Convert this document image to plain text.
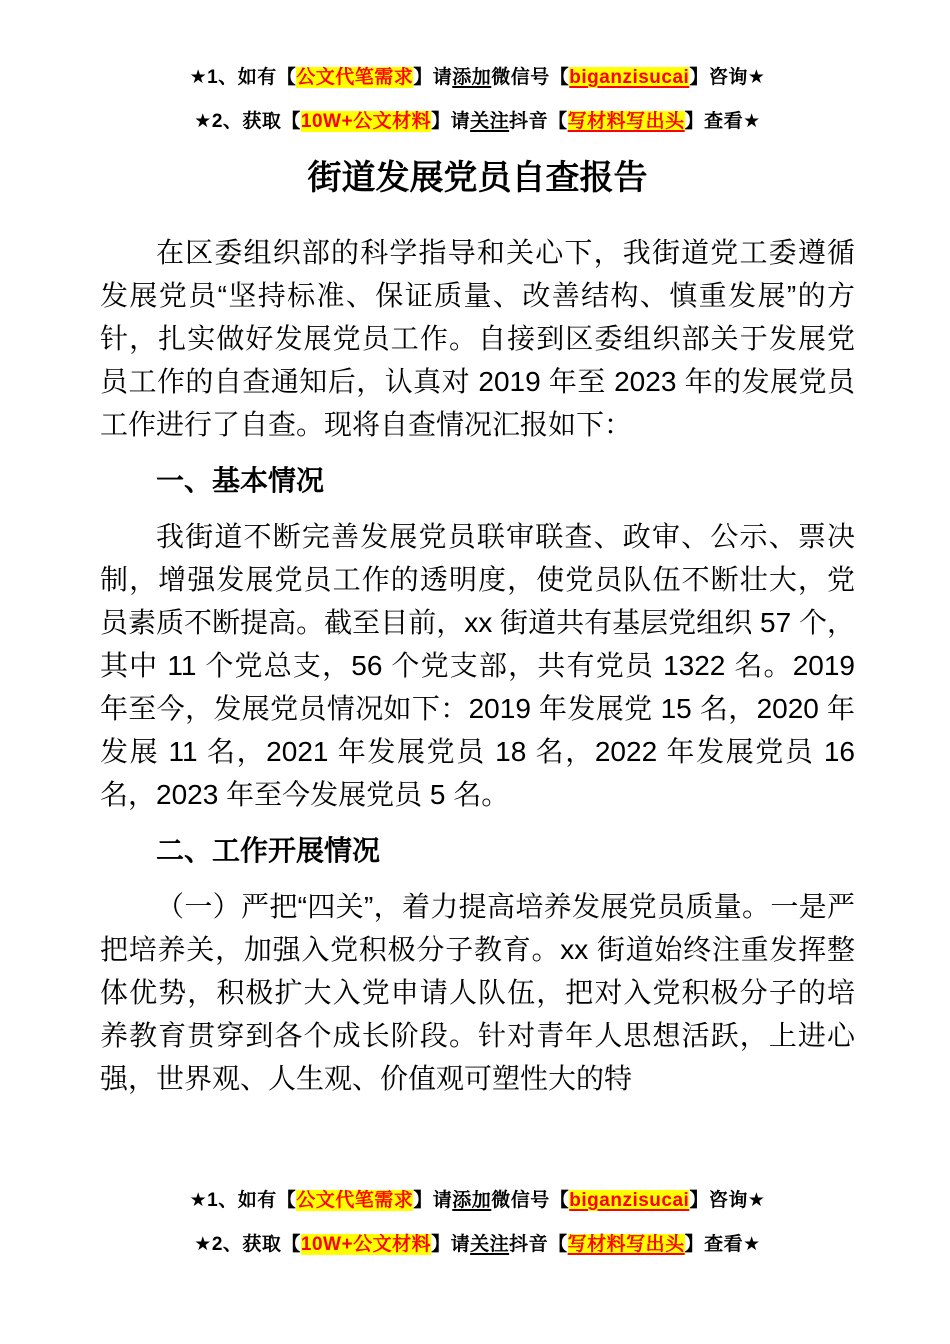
★1、如有【公文代笔需求】请添加微信号【biganzisucai】咨询★
★2、获取【10W+公文材料】请关注抖音【写材料写出头】查看★
街道发展党员自查报告

在区委组织部的科学指导和关心下，我街道党工委遵循发展党员“坚持标准、保证质量、改善结构、慎重发展”的方针，扎实做好发展党员工作。自接到区委组织部关于发展党员工作的自查通知后，认真对 2019 年至 2023 年的发展党员工作进行了自查。现将自查情况汇报如下：

一、基本情况

我街道不断完善发展党员联审联查、政审、公示、票决制，增强发展党员工作的透明度，使党员队伍不断壮大，党员素质不断提高。截至目前，xx 街道共有基层党组织 57 个，其中 11 个党总支，56 个党支部，共有党员 1322 名。2019 年至今，发展党员情况如下：2019 年发展党 15 名，2020 年发展 11 名，2021 年发展党员 18 名，2022 年发展党员 16 名，2023 年至今发展党员 5 名。

二、工作开展情况

（一）严把“四关”，着力提高培养发展党员质量。一是严把培养关，加强入党积极分子教育。xx 街道始终注重发挥整体优势，积极扩大入党申请人队伍，把对入党积极分子的培养教育贯穿到各个成长阶段。针对青年人思想活跃，上进心强，世界观、人生观、价值观可塑性大的特

★1、如有【公文代笔需求】请添加微信号【biganzisucai】咨询★
★2、获取【10W+公文材料】请关注抖音【写材料写出头】查看★
